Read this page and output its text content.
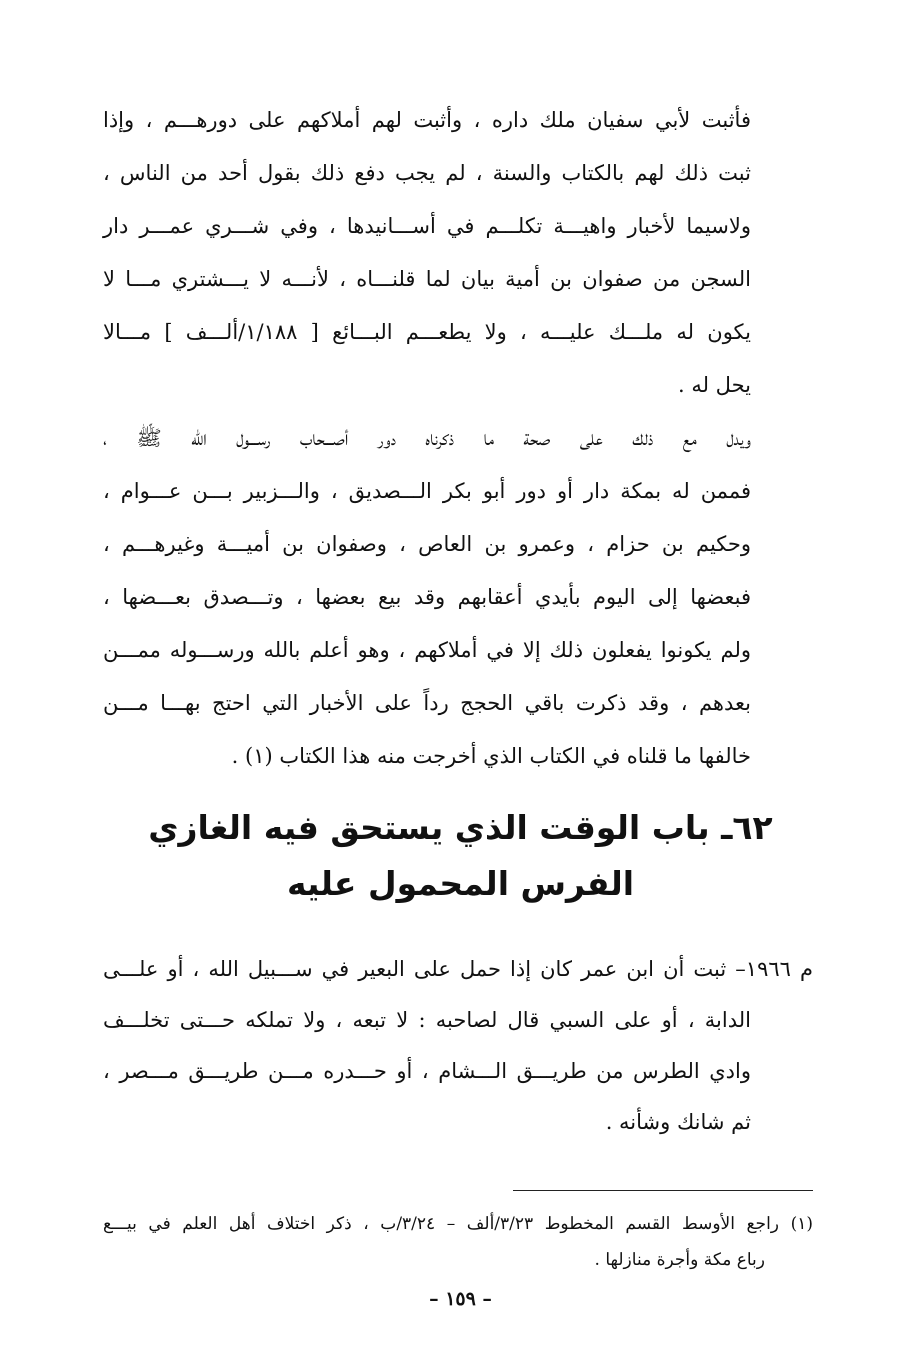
فأثبت لأبي سفيان ملك داره ، وأثبت لهم أملاكهم على دورهـــم ، وإذا
ثبت ذلك لهم بالكتاب والسنة ، لم يجب دفع ذلك بقول أحد من الناس ،
ولاسيما لأخبار واهيـــة تكلـــم في أســـانيدها ، وفي شـــري عمـــر دار
السجن من صفوان بن أمية بيان لما قلنـــاه ، لأنـــه لا يـــشتري مـــا لا
يكون له ملـــك عليـــه ، ولا يطعـــم البـــائع [ ١/١٨٨/ألـــف ] مـــالا
يحل له .
ويدل مع ذلك على صحة ما ذكرناه دور أصـــحاب رســـول الله ﷺ ،
فممن له بمكة دار أو دور أبو بكر الـــصديق ، والـــزبير بـــن عـــوام ،
وحكيم بن حزام ، وعمرو بن العاص ، وصفوان بن أميـــة وغيرهـــم ،
فبعضها إلى اليوم بأيدي أعقابهم وقد بيع بعضها ، وتـــصدق بعـــضها ،
ولم يكونوا يفعلون ذلك إلا في أملاكهم ، وهو أعلم بالله ورســـوله ممـــن
بعدهم ، وقد ذكرت باقي الحجج رداً على الأخبار التي احتج بهـــا مـــن
خالفها ما قلناه في الكتاب الذي أخرجت منه هذا الكتاب (١) .
٦٢ـ باب الوقت الذي يستحق فيه الغازي
الفرس المحمول عليه
م ١٩٦٦– ثبت أن ابن عمر كان إذا حمل على البعير في ســـبيل الله ، أو علـــى
الدابة ، أو على السبي قال لصاحبه : لا تبعه ، ولا تملكه حـــتى تخلـــف
وادي الطرس من طريـــق الـــشام ، أو حـــدره مـــن طريـــق مـــصر ،
ثم شانك وشأنه .
(١) راجع الأوسط القسم المخطوط ٣/٢٣/ألف – ٣/٢٤/ب ، ذكر اختلاف أهل العلم في بيـــع
رباع مكة وأجرة منازلها .
– ١٥٩ –
